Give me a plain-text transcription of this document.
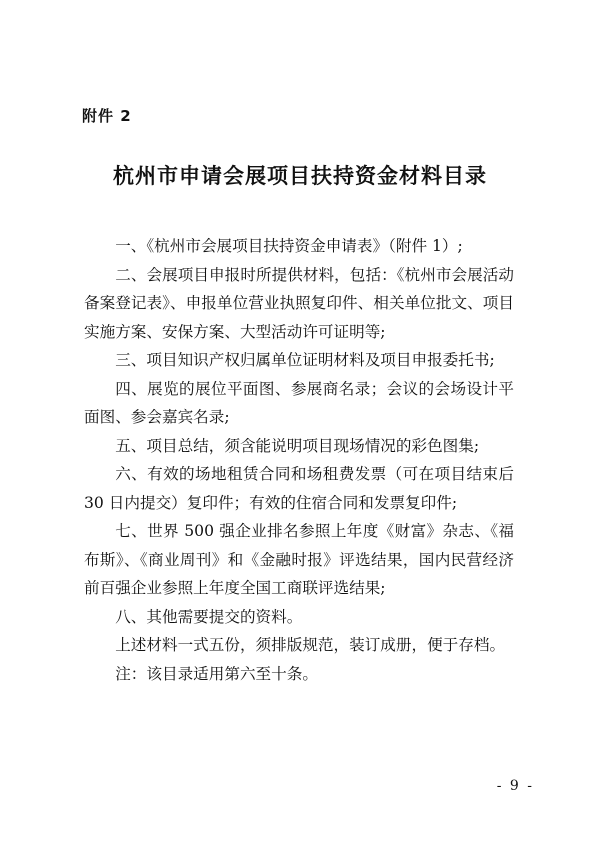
附件 2
杭州市申请会展项目扶持资金材料目录

一、《杭州市会展项目扶持资金申请表》（附件 1）;

二、会展项目申报时所提供材料，包括：《杭州市会展活动备案登记表》、申报单位营业执照复印件、相关单位批文、项目实施方案、安保方案、大型活动许可证明等;

三、项目知识产权归属单位证明材料及项目申报委托书;

四、展览的展位平面图、参展商名录；会议的会场设计平面图、参会嘉宾名录;

五、项目总结，须含能说明项目现场情况的彩色图集;

六、有效的场地租赁合同和场租费发票（可在项目结束后 30 日内提交）复印件；有效的住宿合同和发票复印件;

七、世界 500 强企业排名参照上年度《财富》杂志、《福布斯》、《商业周刊》和《金融时报》评选结果，国内民营经济前百强企业参照上年度全国工商联评选结果;

八、其他需要提交的资料。

上述材料一式五份，须排版规范，装订成册，便于存档。

注：该目录适用第六至十条。

- 9 -
